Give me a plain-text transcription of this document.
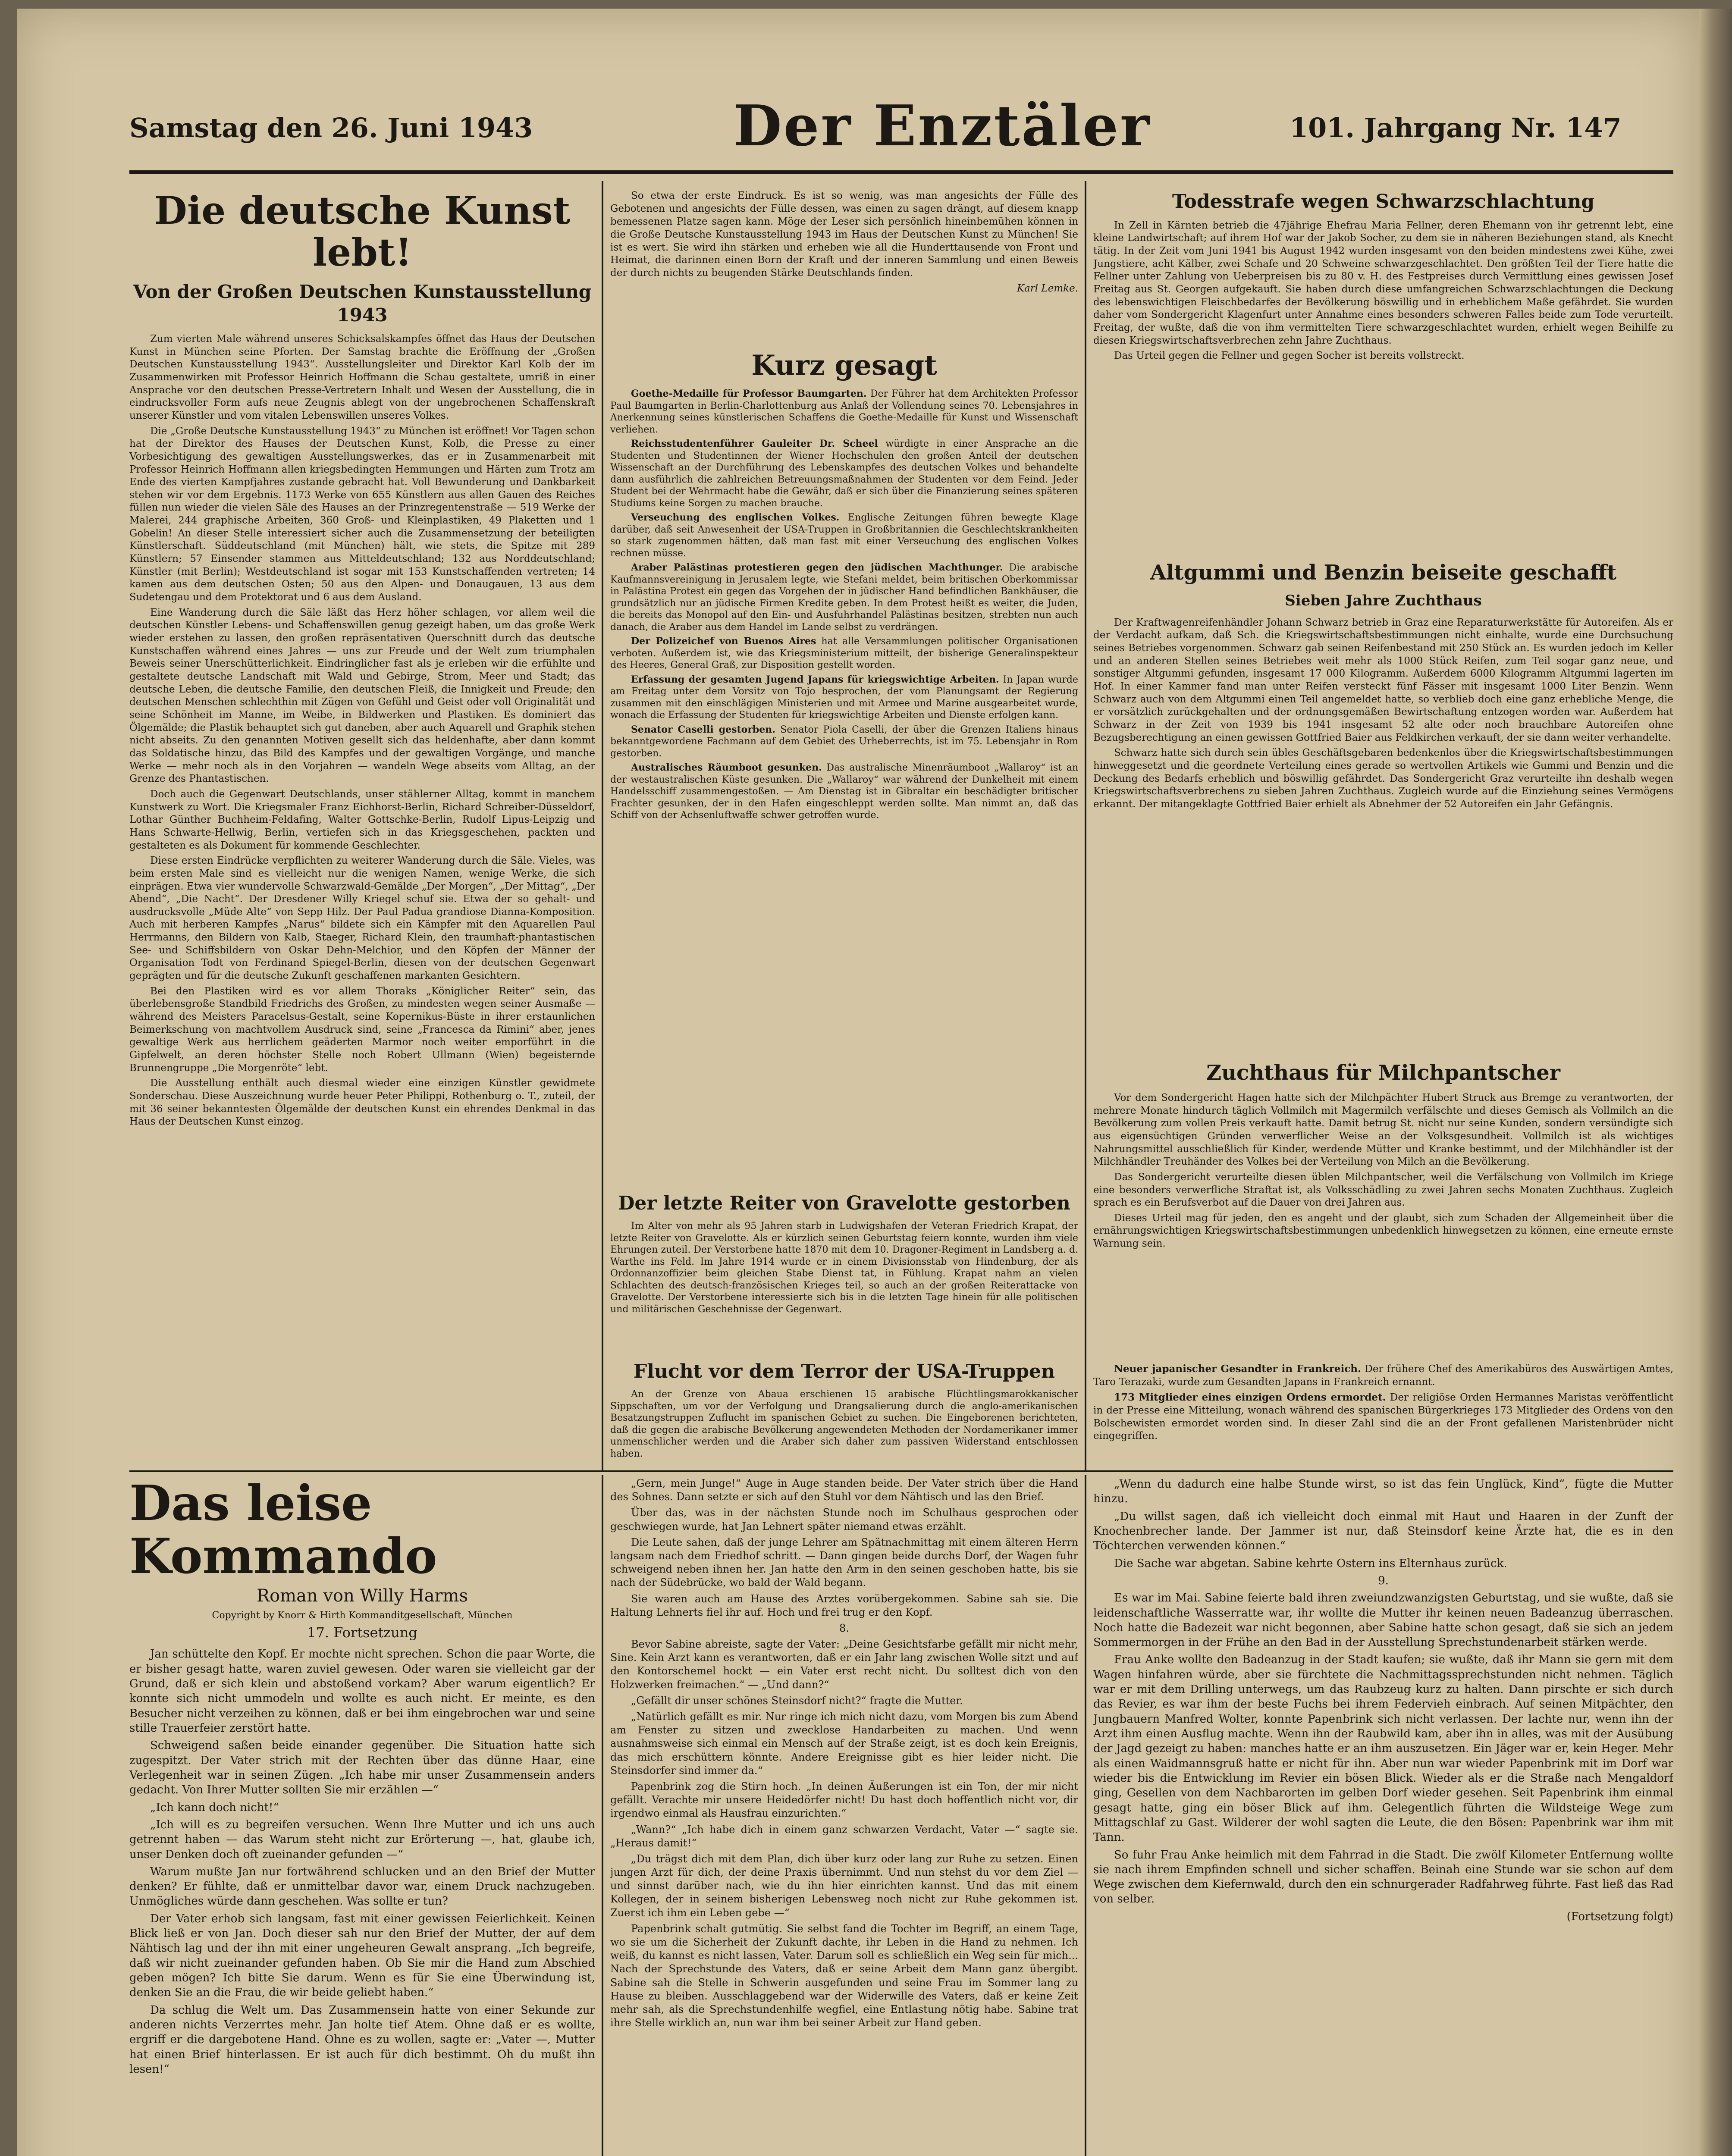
Samstag den 26. Juni 1943	Der Enztäler	101. Jahrgang Nr. 147
Die deutsche Kunst lebt!
Von der Großen Deutschen Kunstausstellung 1943

Zum vierten Male während unseres Schicksalskampfes öffnet das Haus der Deutschen Kunst in München seine Pforten. Der Samstag brachte die Eröffnung der „Großen Deutschen Kunstausstellung 1943“. Ausstellungsleiter und Direktor Karl Kolb der im Zusammenwirken mit Professor Heinrich Hoffmann die Schau gestaltete, umriß in einer Ansprache vor den deutschen Presse-Vertretern Inhalt und Wesen der Ausstellung, die in eindrucksvoller Form aufs neue Zeugnis ablegt von der ungebrochenen Schaffenskraft unserer Künstler und vom vitalen Lebenswillen unseres Volkes.

Die „Große Deutsche Kunstausstellung 1943“ zu München ist eröffnet! Vor Tagen schon hat der Direktor des Hauses der Deutschen Kunst, Kolb, die Presse zu einer Vorbesichtigung des gewaltigen Ausstellungswerkes, das er in Zusammenarbeit mit Professor Heinrich Hoffmann allen kriegsbedingten Hemmungen und Härten zum Trotz am Ende des vierten Kampfjahres zustande gebracht hat. Voll Bewunderung und Dankbarkeit stehen wir vor dem Ergebnis. 1173 Werke von 655 Künstlern aus allen Gauen des Reiches füllen nun wieder die vielen Säle des Hauses an der Prinzregentenstraße — 519 Werke der Malerei, 244 graphische Arbeiten, 360 Groß- und Kleinplastiken, 49 Plaketten und 1 Gobelin! An dieser Stelle interessiert sicher auch die Zusammensetzung der beteiligten Künstlerschaft. Süddeutschland (mit München) hält, wie stets, die Spitze mit 289 Künstlern; 57 Einsender stammen aus Mitteldeutschland; 132 aus Norddeutschland; Künstler (mit Berlin); Westdeutschland ist sogar mit 153 Kunstschaffenden vertreten; 14 kamen aus dem deutschen Osten; 50 aus den Alpen- und Donaugauen, 13 aus dem Sudetengau und dem Protektorat und 6 aus dem Ausland.

Eine Wanderung durch die Säle läßt das Herz höher schlagen, vor allem weil die deutschen Künstler Lebens- und Schaffenswillen genug gezeigt haben, um das große Werk wieder erstehen zu lassen, den großen repräsentativen Querschnitt durch das deutsche Kunstschaffen während eines Jahres — uns zur Freude und der Welt zum triumphalen Beweis seiner Unerschütterlichkeit. Eindringlicher fast als je erleben wir die erfühlte und gestaltete deutsche Landschaft mit Wald und Gebirge, Strom, Meer und Stadt; das deutsche Leben, die deutsche Familie, den deutschen Fleiß, die Innigkeit und Freude; den deutschen Menschen schlechthin mit Zügen von Gefühl und Geist oder voll Originalität und seine Schönheit im Manne, im Weibe, in Bildwerken und Plastiken. Es dominiert das Ölgemälde; die Plastik behauptet sich gut daneben, aber auch Aquarell und Graphik stehen nicht abseits. Zu den genannten Motiven gesellt sich das heldenhafte, aber dann kommt das Soldatische hinzu, das Bild des Kampfes und der gewaltigen Vorgänge, und manche Werke — mehr noch als in den Vorjahren — wandeln Wege abseits vom Alltag, an der Grenze des Phantastischen.

Doch auch die Gegenwart Deutschlands, unser stählerner Alltag, kommt in manchem Kunstwerk zu Wort. Die Kriegsmaler Franz Eichhorst-Berlin, Richard Schreiber-Düsseldorf, Lothar Günther Buchheim-Feldafing, Walter Gottschke-Berlin, Rudolf Lipus-Leipzig und Hans Schwarte-Hellwig, Berlin, vertiefen sich in das Kriegsgeschehen, packten und gestalteten es als Dokument für kommende Geschlechter.

Diese ersten Eindrücke verpflichten zu weiterer Wanderung durch die Säle. Vieles, was beim ersten Male sind es vielleicht nur die wenigen Namen, wenige Werke, die sich einprägen. Etwa vier wundervolle Schwarzwald-Gemälde „Der Morgen“, „Der Mittag“, „Der Abend“, „Die Nacht“. Der Dresdener Willy Kriegel schuf sie. Etwa der so gehalt- und ausdrucksvolle „Müde Alte“ von Sepp Hilz. Der Paul Padua grandiose Dianna-Komposition. Auch mit herberen Kampfes „Narus“ bildete sich ein Kämpfer mit den Aquarellen Paul Herrmanns, den Bildern von Kalb, Staeger, Richard Klein, den traumhaft-phantastischen See- und Schiffsbildern von Oskar Dehn-Melchior, und den Köpfen der Männer der Organisation Todt von Ferdinand Spiegel-Berlin, diesen von der deutschen Gegenwart geprägten und für die deutsche Zukunft geschaffenen markanten Gesichtern.

Bei den Plastiken wird es vor allem Thoraks „Königlicher Reiter“ sein, das überlebensgroße Standbild Friedrichs des Großen, zu mindesten wegen seiner Ausmaße — während des Meisters Paracelsus-Gestalt, seine Kopernikus-Büste in ihrer erstaunlichen Beimerkschung von machtvollem Ausdruck sind, seine „Francesca da Rimini“ aber, jenes gewaltige Werk aus herrlichem geäderten Marmor noch weiter emporführt in die Gipfelwelt, an deren höchster Stelle noch Robert Ullmann (Wien) begeisternde Brunnengruppe „Die Morgenröte“ lebt.

Die Ausstellung enthält auch diesmal wieder eine einzigen Künstler gewidmete Sonderschau. Diese Auszeichnung wurde heuer Peter Philippi, Rothenburg o. T., zuteil, der mit 36 seiner bekanntesten Ölgemälde der deutschen Kunst ein ehrendes Denkmal in das Haus der Deutschen Kunst einzog.

So etwa der erste Eindruck. Es ist so wenig, was man angesichts der Fülle des Gebotenen und angesichts der Fülle dessen, was einen zu sagen drängt, auf diesem knapp bemessenen Platze sagen kann. Möge der Leser sich persönlich hineinbemühen können in die Große Deutsche Kunstausstellung 1943 im Haus der Deutschen Kunst zu München! Sie ist es wert. Sie wird ihn stärken und erheben wie all die Hunderttausende von Front und Heimat, die darinnen einen Born der Kraft und der inneren Sammlung und einen Beweis der durch nichts zu beugenden Stärke Deutschlands finden.

Karl Lemke.
Kurz gesagt

Goethe-Medaille für Professor Baumgarten. Der Führer hat dem Architekten Professor Paul Baumgarten in Berlin-Charlottenburg aus Anlaß der Vollendung seines 70. Lebensjahres in Anerkennung seines künstlerischen Schaffens die Goethe-Medaille für Kunst und Wissenschaft verliehen.

Reichsstudentenführer Gauleiter Dr. Scheel würdigte in einer Ansprache an die Studenten und Studentinnen der Wiener Hochschulen den großen Anteil der deutschen Wissenschaft an der Durchführung des Lebenskampfes des deutschen Volkes und behandelte dann ausführlich die zahlreichen Betreuungsmaßnahmen der Studenten vor dem Feind. Jeder Student bei der Wehrmacht habe die Gewähr, daß er sich über die Finanzierung seines späteren Studiums keine Sorgen zu machen brauche.

Verseuchung des englischen Volkes. Englische Zeitungen führen bewegte Klage darüber, daß seit Anwesenheit der USA-Truppen in Großbritannien die Geschlechtskrankheiten so stark zugenommen hätten, daß man fast mit einer Verseuchung des englischen Volkes rechnen müsse.

Araber Palästinas protestieren gegen den jüdischen Machthunger. Die arabische Kaufmannsvereinigung in Jerusalem legte, wie Stefani meldet, beim britischen Oberkommissar in Palästina Protest ein gegen das Vorgehen der in jüdischer Hand befindlichen Bankhäuser, die grundsätzlich nur an jüdische Firmen Kredite geben. In dem Protest heißt es weiter, die Juden, die bereits das Monopol auf den Ein- und Ausfuhrhandel Palästinas besitzen, strebten nun auch danach, die Araber aus dem Handel im Lande selbst zu verdrängen.

Der Polizeichef von Buenos Aires hat alle Versammlungen politischer Organisationen verboten. Außerdem ist, wie das Kriegsministerium mitteilt, der bisherige Generalinspekteur des Heeres, General Graß, zur Disposition gestellt worden.

Erfassung der gesamten Jugend Japans für kriegswichtige Arbeiten. In Japan wurde am Freitag unter dem Vorsitz von Tojo besprochen, der vom Planungsamt der Regierung zusammen mit den einschlägigen Ministerien und mit Armee und Marine ausgearbeitet wurde, wonach die Erfassung der Studenten für kriegswichtige Arbeiten und Dienste erfolgen kann.

Senator Caselli gestorben. Senator Piola Caselli, der über die Grenzen Italiens hinaus bekanntgewordene Fachmann auf dem Gebiet des Urheberrechts, ist im 75. Lebensjahr in Rom gestorben.

Australisches Räumboot gesunken. Das australische Minenräumboot „Wallaroy“ ist an der westaustralischen Küste gesunken. Die „Wallaroy“ war während der Dunkelheit mit einem Handelsschiff zusammengestoßen. — Am Dienstag ist in Gibraltar ein beschädigter britischer Frachter gesunken, der in den Hafen eingeschleppt werden sollte. Man nimmt an, daß das Schiff von der Achsenluftwaffe schwer getroffen wurde.

Der letzte Reiter von Gravelotte gestorben

Im Alter von mehr als 95 Jahren starb in Ludwigshafen der Veteran Friedrich Krapat, der letzte Reiter von Gravelotte. Als er kürzlich seinen Geburtstag feiern konnte, wurden ihm viele Ehrungen zuteil. Der Verstorbene hatte 1870 mit dem 10. Dragoner-Regiment in Landsberg a. d. Warthe ins Feld. Im Jahre 1914 wurde er in einem Divisionsstab von Hindenburg, der als Ordonnanzoffizier beim gleichen Stabe Dienst tat, in Fühlung. Krapat nahm an vielen Schlachten des deutsch-französischen Krieges teil, so auch an der großen Reiterattacke von Gravelotte. Der Verstorbene interessierte sich bis in die letzten Tage hinein für alle politischen und militärischen Geschehnisse der Gegenwart.

Flucht vor dem Terror der USA-Truppen

An der Grenze von Abaua erschienen 15 arabische Flüchtlingsmarokkanischer Sippschaften, um vor der Verfolgung und Drangsalierung durch die anglo-amerikanischen Besatzungstruppen Zuflucht im spanischen Gebiet zu suchen. Die Eingeborenen berichteten, daß die gegen die arabische Bevölkerung angewendeten Methoden der Nordamerikaner immer unmenschlicher werden und die Araber sich daher zum passiven Widerstand entschlossen haben.

Todesstrafe wegen Schwarzschlachtung

In Zell in Kärnten betrieb die 47jährige Ehefrau Maria Fellner, deren Ehemann von ihr getrennt lebt, eine kleine Landwirtschaft; auf ihrem Hof war der Jakob Socher, zu dem sie in näheren Beziehungen stand, als Knecht tätig. In der Zeit vom Juni 1941 bis August 1942 wurden insgesamt von den beiden mindestens zwei Kühe, zwei Jungstiere, acht Kälber, zwei Schafe und 20 Schweine schwarzgeschlachtet. Den größten Teil der Tiere hatte die Fellner unter Zahlung von Ueberpreisen bis zu 80 v. H. des Festpreises durch Vermittlung eines gewissen Josef Freitag aus St. Georgen aufgekauft. Sie haben durch diese umfangreichen Schwarzschlachtungen die Deckung des lebenswichtigen Fleischbedarfes der Bevölkerung böswillig und in erheblichem Maße gefährdet. Sie wurden daher vom Sondergericht Klagenfurt unter Annahme eines besonders schweren Falles beide zum Tode verurteilt. Freitag, der wußte, daß die von ihm vermittelten Tiere schwarzgeschlachtet wurden, erhielt wegen Beihilfe zu diesen Kriegswirtschaftsverbrechen zehn Jahre Zuchthaus.

Das Urteil gegen die Fellner und gegen Socher ist bereits vollstreckt.

Altgummi und Benzin beiseite geschafft
Sieben Jahre Zuchthaus

Der Kraftwagenreifenhändler Johann Schwarz betrieb in Graz eine Reparaturwerkstätte für Autoreifen. Als er der Verdacht aufkam, daß Sch. die Kriegswirtschaftsbestimmungen nicht einhalte, wurde eine Durchsuchung seines Betriebes vorgenommen. Schwarz gab seinen Reifenbestand mit 250 Stück an. Es wurden jedoch im Keller und an anderen Stellen seines Betriebes weit mehr als 1000 Stück Reifen, zum Teil sogar ganz neue, und sonstiger Altgummi gefunden, insgesamt 17 000 Kilogramm. Außerdem 6000 Kilogramm Altgummi lagerten im Hof. In einer Kammer fand man unter Reifen versteckt fünf Fässer mit insgesamt 1000 Liter Benzin. Wenn Schwarz auch von dem Altgummi einen Teil angemeldet hatte, so verblieb doch eine ganz erhebliche Menge, die er vorsätzlich zurückgehalten und der ordnungsgemäßen Bewirtschaftung entzogen worden war. Außerdem hat Schwarz in der Zeit von 1939 bis 1941 insgesamt 52 alte oder noch brauchbare Autoreifen ohne Bezugsberechtigung an einen gewissen Gottfried Baier aus Feldkirchen verkauft, der sie dann weiter verhandelte.

Schwarz hatte sich durch sein übles Geschäftsgebaren bedenkenlos über die Kriegswirtschaftsbestimmungen hinweggesetzt und die geordnete Verteilung eines gerade so wertvollen Artikels wie Gummi und Benzin und die Deckung des Bedarfs erheblich und böswillig gefährdet. Das Sondergericht Graz verurteilte ihn deshalb wegen Kriegswirtschaftsverbrechens zu sieben Jahren Zuchthaus. Zugleich wurde auf die Einziehung seines Vermögens erkannt. Der mitangeklagte Gottfried Baier erhielt als Abnehmer der 52 Autoreifen ein Jahr Gefängnis.

Zuchthaus für Milchpantscher

Vor dem Sondergericht Hagen hatte sich der Milchpächter Hubert Struck aus Bremge zu verantworten, der mehrere Monate hindurch täglich Vollmilch mit Magermilch verfälschte und dieses Gemisch als Vollmilch an die Bevölkerung zum vollen Preis verkauft hatte. Damit betrug St. nicht nur seine Kunden, sondern versündigte sich aus eigensüchtigen Gründen verwerflicher Weise an der Volksgesundheit. Vollmilch ist als wichtiges Nahrungsmittel ausschließlich für Kinder, werdende Mütter und Kranke bestimmt, und der Milchhändler ist der Milchhändler Treuhänder des Volkes bei der Verteilung von Milch an die Bevölkerung.

Das Sondergericht verurteilte diesen üblen Milchpantscher, weil die Verfälschung von Vollmilch im Kriege eine besonders verwerfliche Straftat ist, als Volksschädling zu zwei Jahren sechs Monaten Zuchthaus. Zugleich sprach es ein Berufsverbot auf die Dauer von drei Jahren aus.

Dieses Urteil mag für jeden, den es angeht und der glaubt, sich zum Schaden der Allgemeinheit über die ernährungswichtigen Kriegswirtschaftsbestimmungen unbedenklich hinwegsetzen zu können, eine erneute ernste Warnung sein.

Neuer japanischer Gesandter in Frankreich. Der frühere Chef des Amerikabüros des Auswärtigen Amtes, Taro Terazaki, wurde zum Gesandten Japans in Frankreich ernannt.

173 Mitglieder eines einzigen Ordens ermordet. Der religiöse Orden Hermannes Maristas veröffentlicht in der Presse eine Mitteilung, wonach während des spanischen Bürgerkrieges 173 Mitglieder des Ordens von den Bolschewisten ermordet worden sind. In dieser Zahl sind die an der Front gefallenen Maristenbrüder nicht eingegriffen.

Das leise Kommando
Roman von Willy Harms
Copyright by Knorr & Hirth Kommanditgesellschaft, München
17. Fortsetzung

Jan schüttelte den Kopf. Er mochte nicht sprechen. Schon die paar Worte, die er bisher gesagt hatte, waren zuviel gewesen. Oder waren sie vielleicht gar der Grund, daß er sich klein und abstoßend vorkam? Aber warum eigentlich? Er konnte sich nicht ummodeln und wollte es auch nicht. Er meinte, es den Besucher nicht verzeihen zu können, daß er bei ihm eingebrochen war und seine stille Trauerfeier zerstört hatte.

Schweigend saßen beide einander gegenüber. Die Situation hatte sich zugespitzt. Der Vater strich mit der Rechten über das dünne Haar, eine Verlegenheit war in seinen Zügen. „Ich habe mir unser Zusammensein anders gedacht. Von Ihrer Mutter sollten Sie mir erzählen —“

„Ich kann doch nicht!“

„Ich will es zu begreifen versuchen. Wenn Ihre Mutter und ich uns auch getrennt haben — das Warum steht nicht zur Erörterung —, hat, glaube ich, unser Denken doch oft zueinander gefunden —“

Warum mußte Jan nur fortwährend schlucken und an den Brief der Mutter denken? Er fühlte, daß er unmittelbar davor war, einem Druck nachzugeben. Unmögliches würde dann geschehen. Was sollte er tun?

Der Vater erhob sich langsam, fast mit einer gewissen Feierlichkeit. Keinen Blick ließ er von Jan. Doch dieser sah nur den Brief der Mutter, der auf dem Nähtisch lag und der ihn mit einer ungeheuren Gewalt ansprang. „Ich begreife, daß wir nicht zueinander gefunden haben. Ob Sie mir die Hand zum Abschied geben mögen? Ich bitte Sie darum. Wenn es für Sie eine Überwindung ist, denken Sie an die Frau, die wir beide geliebt haben.“

Da schlug die Welt um. Das Zusammensein hatte von einer Sekunde zur anderen nichts Verzerrtes mehr. Jan holte tief Atem. Ohne daß er es wollte, ergriff er die dargebotene Hand. Ohne es zu wollen, sagte er: „Vater —, Mutter hat einen Brief hinterlassen. Er ist auch für dich bestimmt. Oh du mußt ihn lesen!“

„Gern, mein Junge!“ Auge in Auge standen beide. Der Vater strich über die Hand des Sohnes. Dann setzte er sich auf den Stuhl vor dem Nähtisch und las den Brief.

Über das, was in der nächsten Stunde noch im Schulhaus gesprochen oder geschwiegen wurde, hat Jan Lehnert später niemand etwas erzählt.

Die Leute sahen, daß der junge Lehrer am Spätnachmittag mit einem älteren Herrn langsam nach dem Friedhof schritt. — Dann gingen beide durchs Dorf, der Wagen fuhr schweigend neben ihnen her. Jan hatte den Arm in den seinen geschoben hatte, bis sie nach der Südebrücke, wo bald der Wald begann.

Sie waren auch am Hause des Arztes vorübergekommen. Sabine sah sie. Die Haltung Lehnerts fiel ihr auf. Hoch und frei trug er den Kopf.

8.

Bevor Sabine abreiste, sagte der Vater: „Deine Gesichtsfarbe gefällt mir nicht mehr, Sine. Kein Arzt kann es verantworten, daß er ein Jahr lang zwischen Wolle sitzt und auf den Kontorschemel hockt — ein Vater erst recht nicht. Du solltest dich von den Holzwerken freimachen.“ — „Und dann?“

„Gefällt dir unser schönes Steinsdorf nicht?“ fragte die Mutter.

„Natürlich gefällt es mir. Nur ringe ich mich nicht dazu, vom Morgen bis zum Abend am Fenster zu sitzen und zwecklose Handarbeiten zu machen. Und wenn ausnahmsweise sich einmal ein Mensch auf der Straße zeigt, ist es doch kein Ereignis, das mich erschüttern könnte. Andere Ereignisse gibt es hier leider nicht. Die Steinsdorfer sind immer da.“

Papenbrink zog die Stirn hoch. „In deinen Äußerungen ist ein Ton, der mir nicht gefällt. Verachte mir unsere Heidedörfer nicht! Du hast doch hoffentlich nicht vor, dir irgendwo einmal als Hausfrau einzurichten.“

„Wann?“ „Ich habe dich in einem ganz schwarzen Verdacht, Vater —“ sagte sie. „Heraus damit!“

„Du trägst dich mit dem Plan, dich über kurz oder lang zur Ruhe zu setzen. Einen jungen Arzt für dich, der deine Praxis übernimmt. Und nun stehst du vor dem Ziel — und sinnst darüber nach, wie du ihn hier einrichten kannst. Und das mit einem Kollegen, der in seinem bisherigen Lebensweg noch nicht zur Ruhe gekommen ist. Zuerst ich ihm ein Leben gebe —“

Papenbrink schalt gutmütig. Sie selbst fand die Tochter im Begriff, an einem Tage, wo sie um die Sicherheit der Zukunft dachte, ihr Leben in die Hand zu nehmen. Ich weiß, du kannst es nicht lassen, Vater. Darum soll es schließlich ein Weg sein für mich... Nach der Sprechstunde des Vaters, daß er seine Arbeit dem Mann ganz übergibt. Sabine sah die Stelle in Schwerin ausgefunden und seine Frau im Sommer lang zu Hause zu bleiben. Ausschlaggebend war der Widerwille des Vaters, daß er keine Zeit mehr sah, als die Sprechstundenhilfe wegfiel, eine Entlastung nötig habe. Sabine trat ihre Stelle wirklich an, nun war ihm bei seiner Arbeit zur Hand geben.

„Wenn du dadurch eine halbe Stunde wirst, so ist das fein Unglück, Kind“, fügte die Mutter hinzu.

„Du willst sagen, daß ich vielleicht doch einmal mit Haut und Haaren in der Zunft der Knochenbrecher lande. Der Jammer ist nur, daß Steinsdorf keine Ärzte hat, die es in den Töchterchen verwenden können.“

Die Sache war abgetan. Sabine kehrte Ostern ins Elternhaus zurück.

9.

Es war im Mai. Sabine feierte bald ihren zweiundzwanzigsten Geburtstag, und sie wußte, daß sie leidenschaftliche Wasserratte war, ihr wollte die Mutter ihr keinen neuen Badeanzug überraschen. Noch hatte die Badezeit war nicht begonnen, aber Sabine hatte schon gesagt, daß sie sich an jedem Sommermorgen in der Frühe an den Bad in der Ausstellung Sprechstundenarbeit stärken werde.

Frau Anke wollte den Badeanzug in der Stadt kaufen; sie wußte, daß ihr Mann sie gern mit dem Wagen hinfahren würde, aber sie fürchtete die Nachmittagssprechstunden nicht nehmen. Täglich war er mit dem Drilling unterwegs, um das Raubzeug kurz zu halten. Dann pirschte er sich durch das Revier, es war ihm der beste Fuchs bei ihrem Federvieh einbrach. Auf seinen Mitpächter, den Jungbauern Manfred Wolter, konnte Papenbrink sich nicht verlassen. Der lachte nur, wenn ihn der Arzt ihm einen Ausflug machte. Wenn ihn der Raubwild kam, aber ihn in alles, was mit der Ausübung der Jagd gezeigt zu haben: manches hatte er an ihm auszusetzen. Ein Jäger war er, kein Heger. Mehr als einen Waidmannsgruß hatte er nicht für ihn. Aber nun war wieder Papenbrink mit im Dorf war wieder bis die Entwicklung im Revier ein bösen Blick. Wieder als er die Straße nach Mengaldorf ging, Gesellen von dem Nachbarorten im gelben Dorf wieder gesehen. Seit Papenbrink ihm einmal gesagt hatte, ging ein böser Blick auf ihm. Gelegentlich führten die Wildsteige Wege zum Mittagschlaf zu Gast. Wilderer der wohl sagten die Leute, die den Bösen: Papenbrink war ihm mit Tann.

So fuhr Frau Anke heimlich mit dem Fahrrad in die Stadt. Die zwölf Kilometer Entfernung wollte sie nach ihrem Empfinden schnell und sicher schaffen. Beinah eine Stunde war sie schon auf dem Wege zwischen dem Kiefernwald, durch den ein schnurgerader Radfahrweg führte. Fast ließ das Rad von selber.

(Fortsetzung folgt)
